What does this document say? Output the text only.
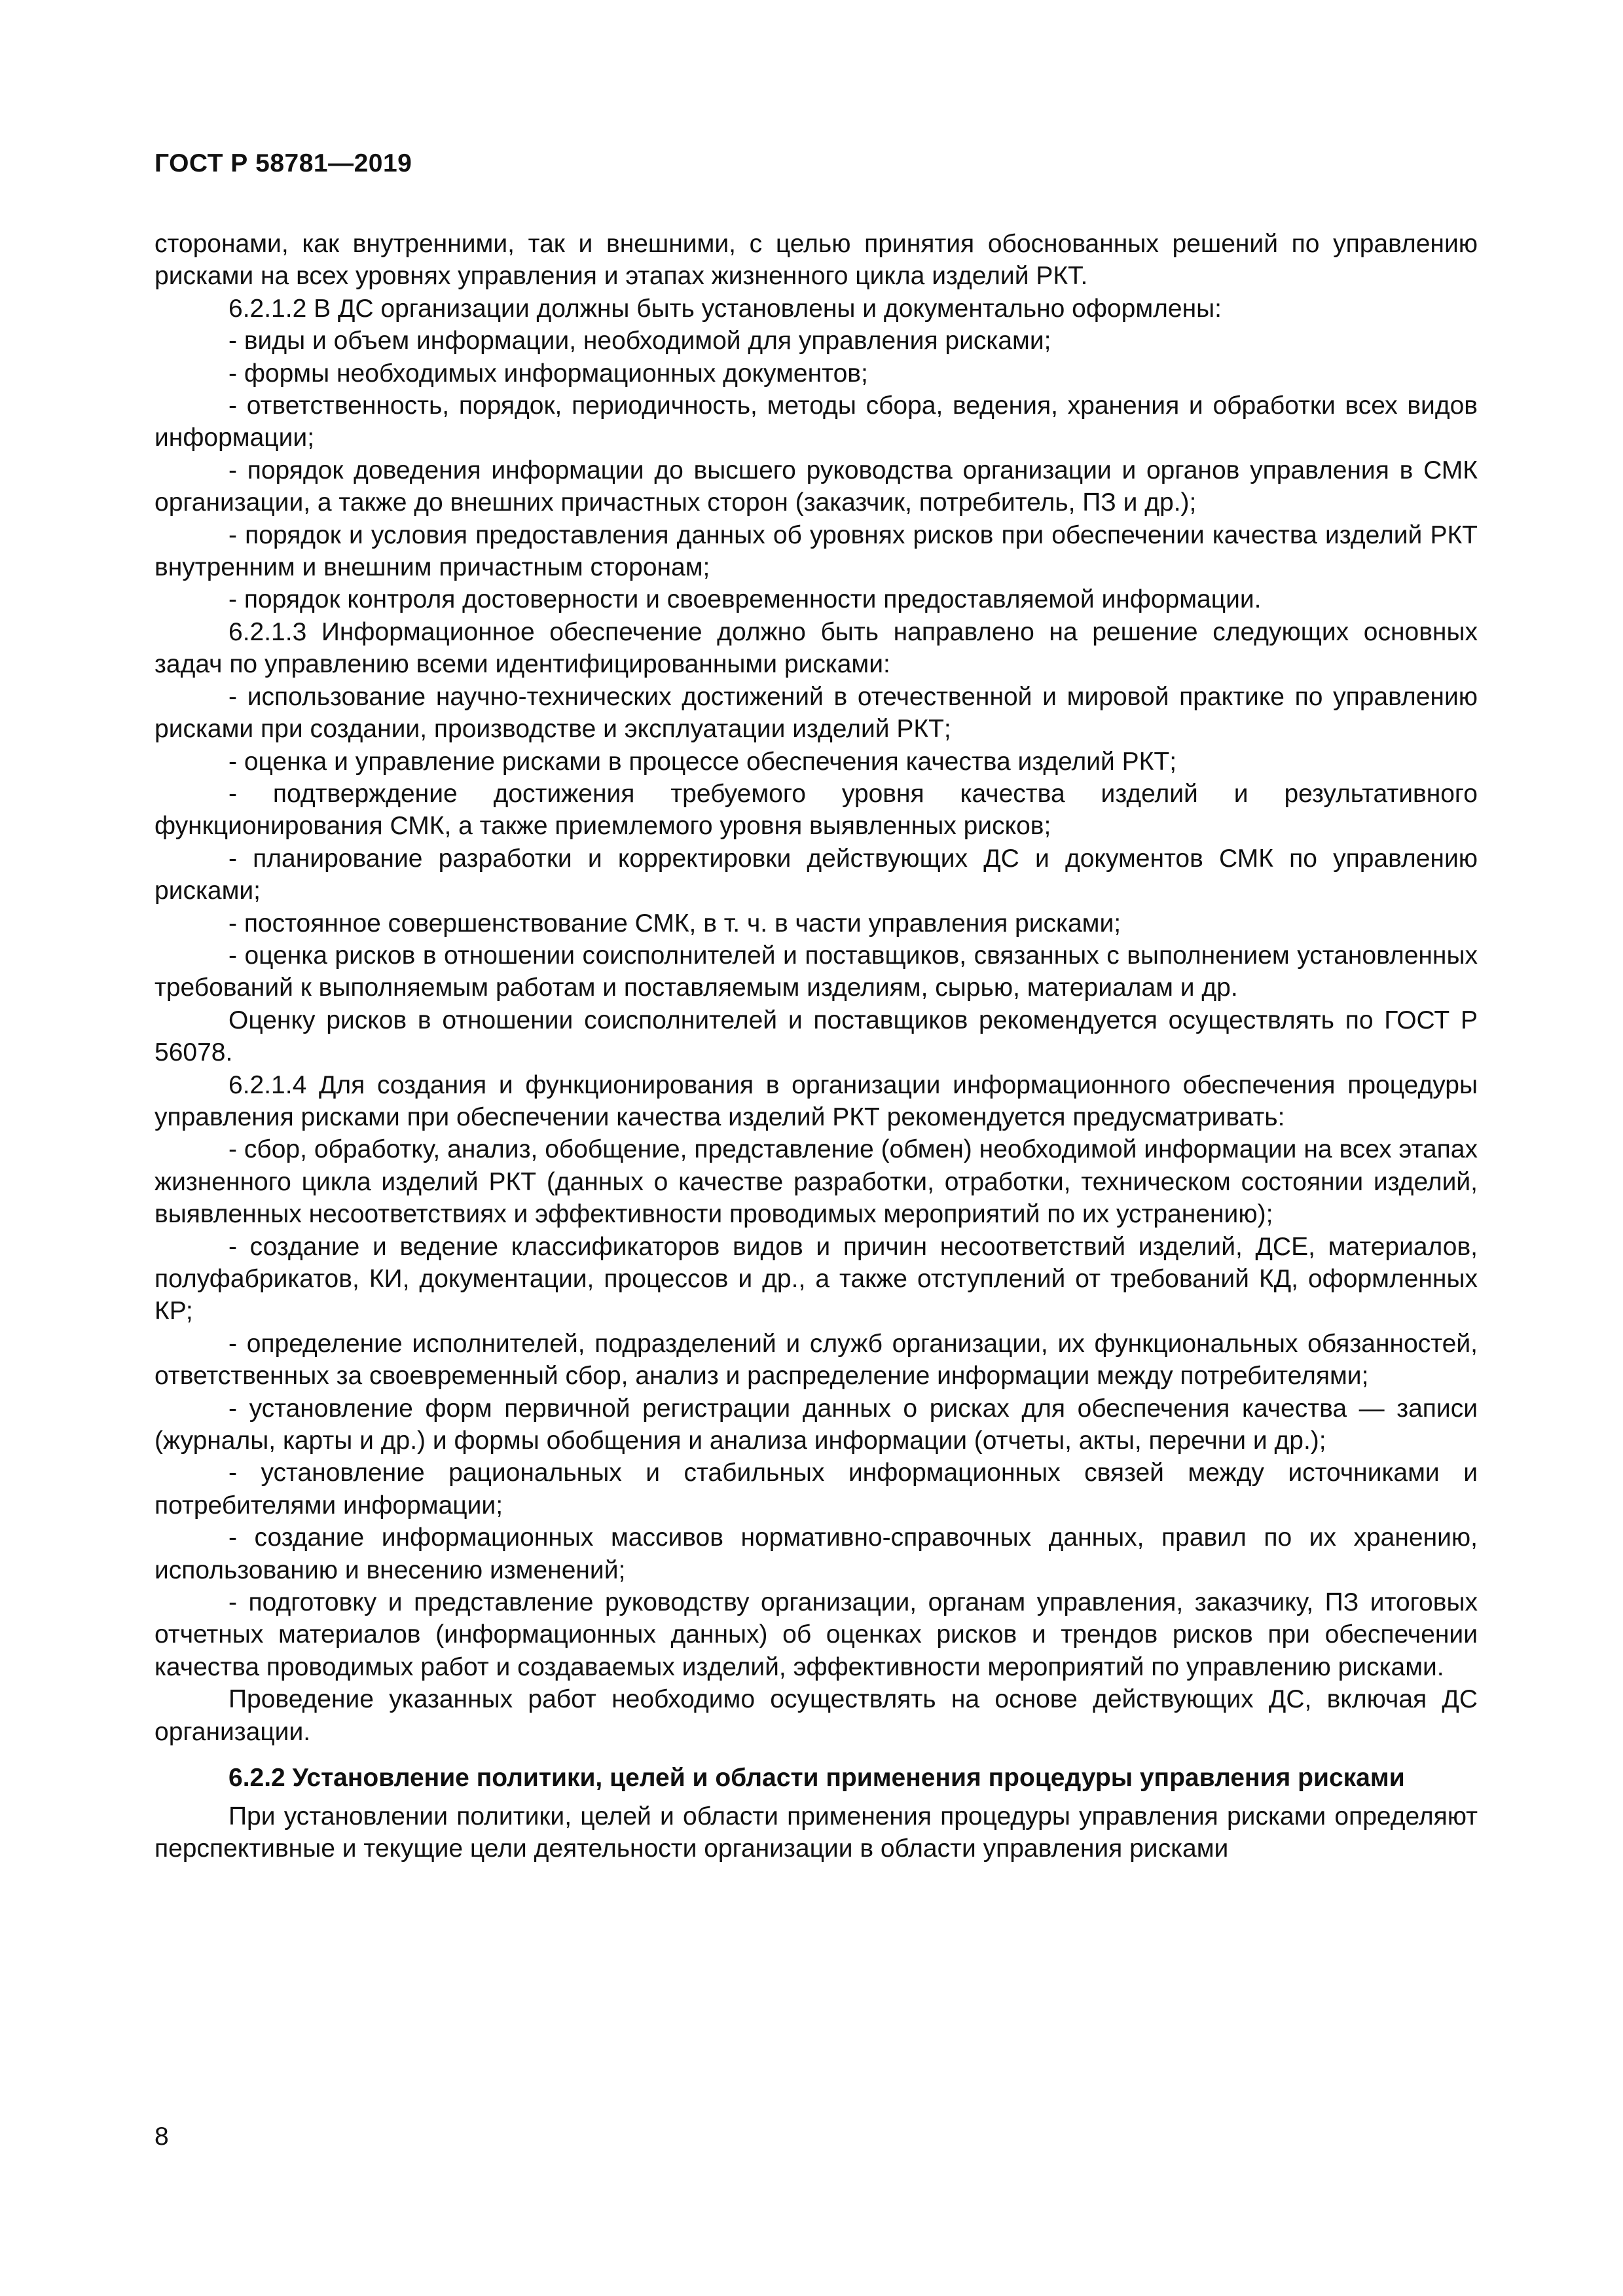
ГОСТ Р 58781—2019

сторонами, как внутренними, так и внешними, с целью принятия обоснованных решений по управлению рисками на всех уровнях управления и этапах жизненного цикла изделий РКТ.

6.2.1.2 В ДС организации должны быть установлены и документально оформлены:

- виды и объем информации, необходимой для управления рисками;

- формы необходимых информационных документов;

- ответственность, порядок, периодичность, методы сбора, ведения, хранения и обработки всех видов информации;

- порядок доведения информации до высшего руководства организации и органов управления в СМК организации, а также до внешних причастных сторон (заказчик, потребитель, ПЗ и др.);

- порядок и условия предоставления данных об уровнях рисков при обеспечении качества изделий РКТ внутренним и внешним причастным сторонам;

- порядок контроля достоверности и своевременности предоставляемой информации.

6.2.1.3 Информационное обеспечение должно быть направлено на решение следующих основных задач по управлению всеми идентифицированными рисками:

- использование научно-технических достижений в отечественной и мировой практике по управлению рисками при создании, производстве и эксплуатации изделий РКТ;

- оценка и управление рисками в процессе обеспечения качества изделий РКТ;

- подтверждение достижения требуемого уровня качества изделий и результативного функционирования СМК, а также приемлемого уровня выявленных рисков;

- планирование разработки и корректировки действующих ДС и документов СМК по управлению рисками;

- постоянное совершенствование СМК, в т. ч. в части управления рисками;

- оценка рисков в отношении соисполнителей и поставщиков, связанных с выполнением установленных требований к выполняемым работам и поставляемым изделиям, сырью, материалам и др.

Оценку рисков в отношении соисполнителей и поставщиков рекомендуется осуществлять по ГОСТ Р 56078.

6.2.1.4 Для создания и функционирования в организации информационного обеспечения процедуры управления рисками при обеспечении качества изделий РКТ рекомендуется предусматривать:

- сбор, обработку, анализ, обобщение, представление (обмен) необходимой информации на всех этапах жизненного цикла изделий РКТ (данных о качестве разработки, отработки, техническом состоянии изделий, выявленных несоответствиях и эффективности проводимых мероприятий по их устранению);

- создание и ведение классификаторов видов и причин несоответствий изделий, ДСЕ, материалов, полуфабрикатов, КИ, документации, процессов и др., а также отступлений от требований КД, оформленных КР;

- определение исполнителей, подразделений и служб организации, их функциональных обязанностей, ответственных за своевременный сбор, анализ и распределение информации между потребителями;

- установление форм первичной регистрации данных о рисках для обеспечения качества — записи (журналы, карты и др.) и формы обобщения и анализа информации (отчеты, акты, перечни и др.);

- установление рациональных и стабильных информационных связей между источниками и потребителями информации;

- создание информационных массивов нормативно-справочных данных, правил по их хранению, использованию и внесению изменений;

- подготовку и представление руководству организации, органам управления, заказчику, ПЗ итоговых отчетных материалов (информационных данных) об оценках рисков и трендов рисков при обеспечении качества проводимых работ и создаваемых изделий, эффективности мероприятий по управлению рисками.

Проведение указанных работ необходимо осуществлять на основе действующих ДС, включая ДС организации.

6.2.2 Установление политики, целей и области применения процедуры управления рисками

При установлении политики, целей и области применения процедуры управления рисками определяют перспективные и текущие цели деятельности организации в области управления рисками

8
